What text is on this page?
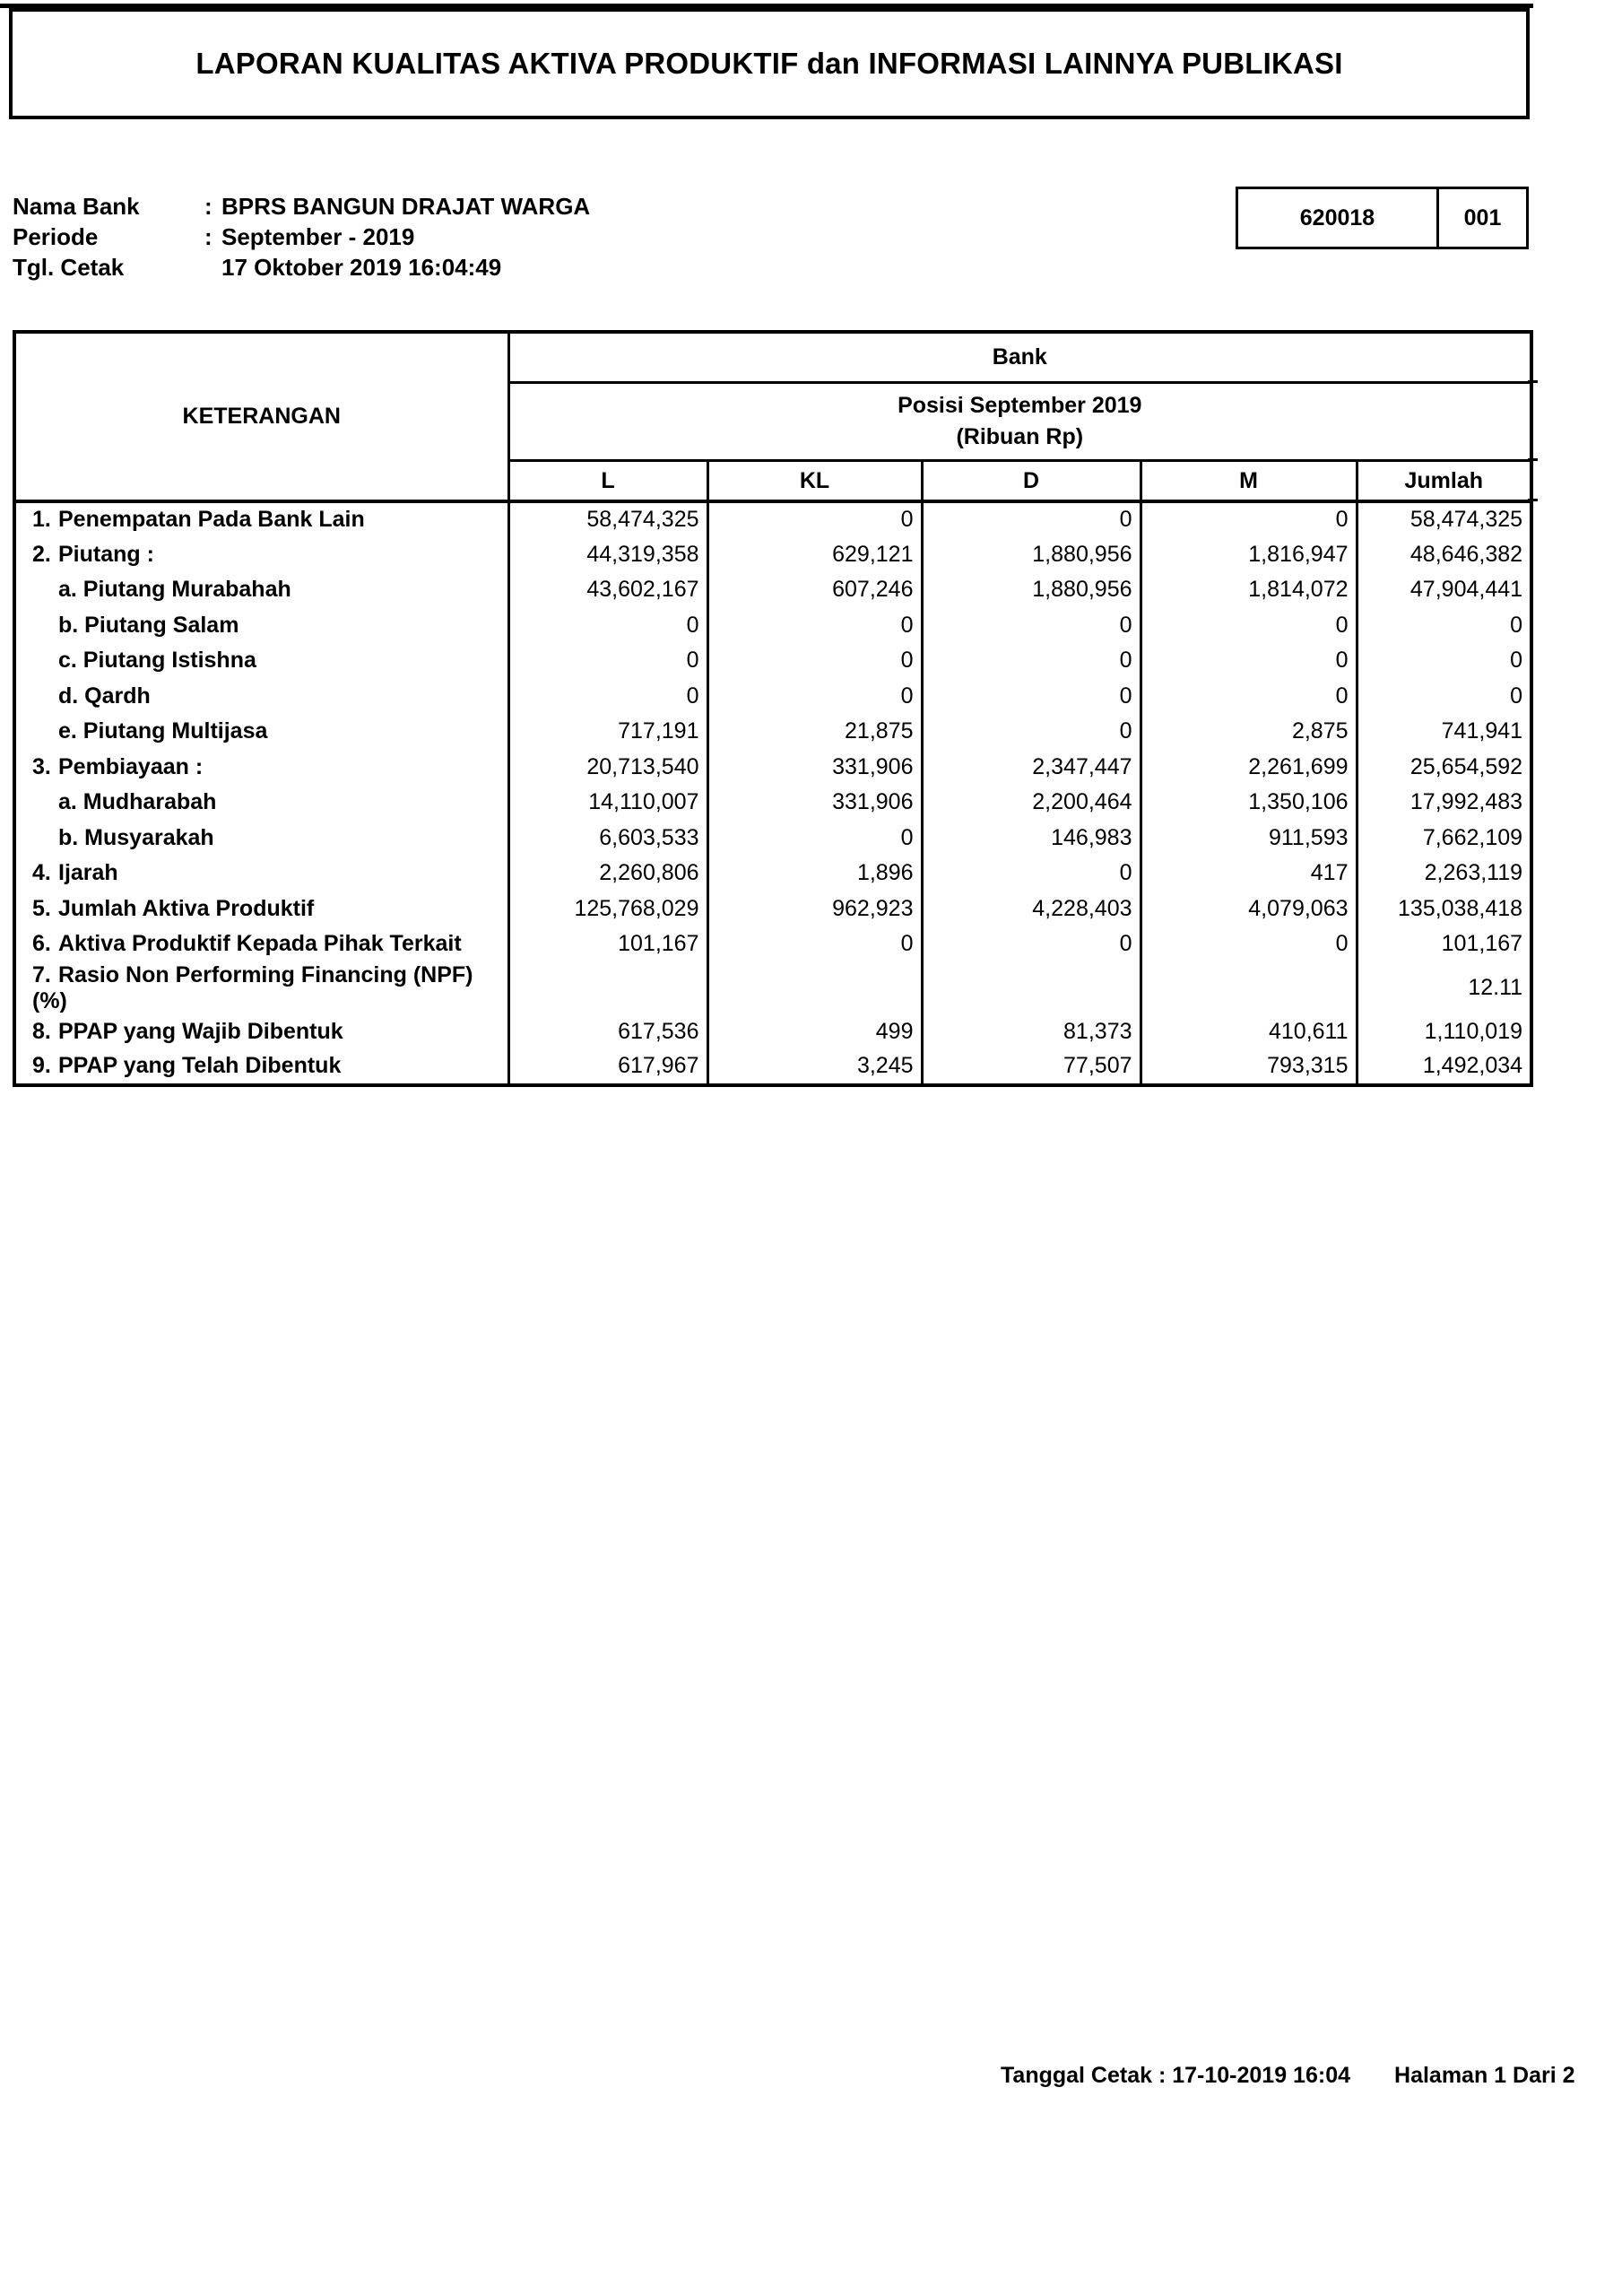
LAPORAN KUALITAS AKTIVA PRODUKTIF dan INFORMASI LAINNYA PUBLIKASI
Nama Bank	: BPRS BANGUN DRAJAT WARGA
Periode	: September - 2019
Tgl. Cetak	17 Oktober 2019 16:04:49
620018	001
KETERANGAN	Bank				
	Posisi September 2019
(Ribuan Rp)				
	L	KL	D	M	Jumlah
1. Penempatan Pada Bank Lain	58,474,325	0	0	0	58,474,325
2. Piutang :	44,319,358	629,121	1,880,956	1,816,947	48,646,382
a. Piutang Murabahah	43,602,167	607,246	1,880,956	1,814,072	47,904,441
b. Piutang Salam	0	0	0	0	0
c. Piutang Istishna	0	0	0	0	0
d. Qardh	0	0	0	0	0
e. Piutang Multijasa	717,191	21,875	0	2,875	741,941
3. Pembiayaan :	20,713,540	331,906	2,347,447	2,261,699	25,654,592
a. Mudharabah	14,110,007	331,906	2,200,464	1,350,106	17,992,483
b. Musyarakah	6,603,533	0	146,983	911,593	7,662,109
4. Ijarah	2,260,806	1,896	0	417	2,263,119
5. Jumlah Aktiva Produktif	125,768,029	962,923	4,228,403	4,079,063	135,038,418
6. Aktiva Produktif Kepada Pihak Terkait	101,167	0	0	0	101,167
7. Rasio Non Performing Financing (NPF) (%)					12.11
8. PPAP yang Wajib Dibentuk	617,536	499	81,373	410,611	1,110,019
9. PPAP yang Telah Dibentuk	617,967	3,245	77,507	793,315	1,492,034
Tanggal Cetak : 17-10-2019 16:04 Halaman 1 Dari 2
